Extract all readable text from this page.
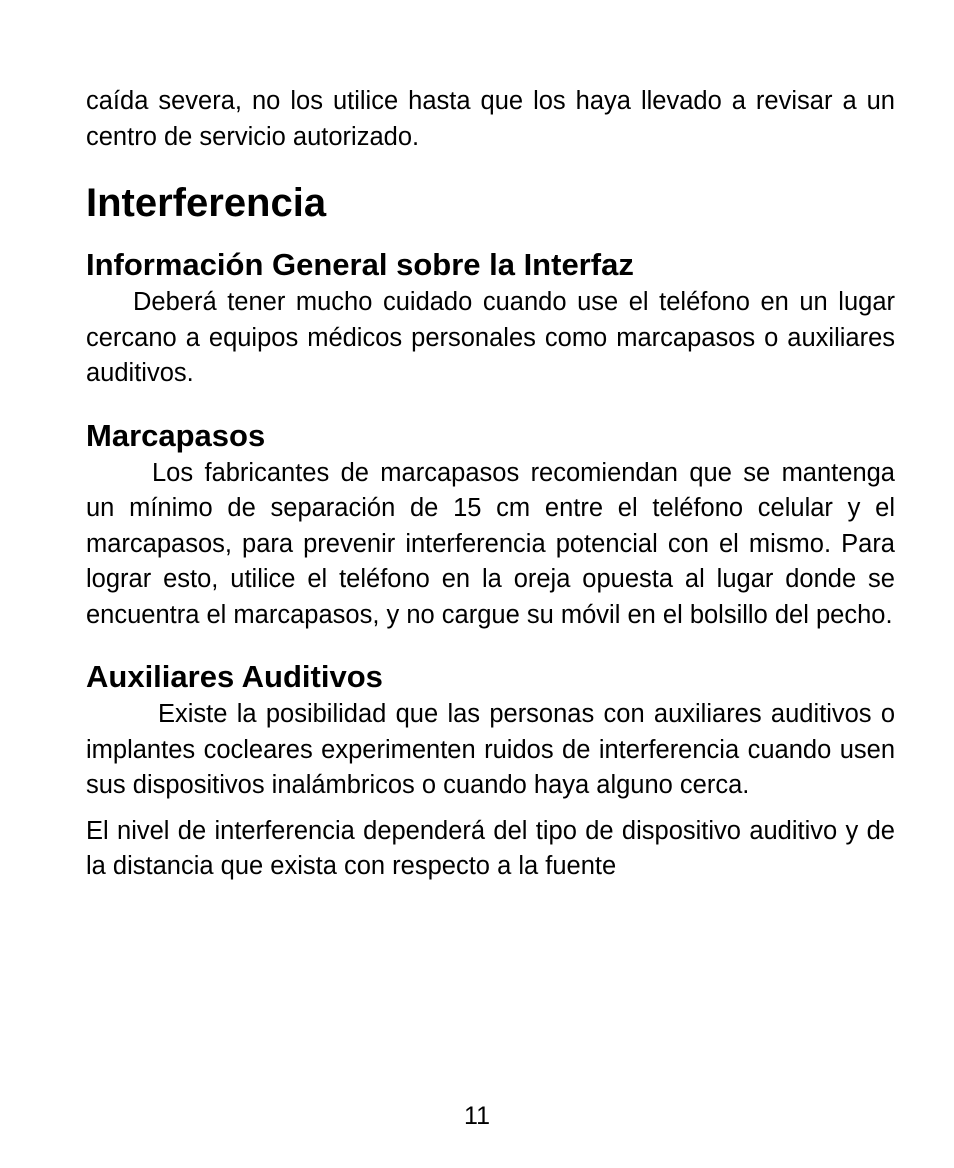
caída severa, no los utilice hasta que los haya llevado a revisar a un centro de servicio autorizado.

Interferencia
Información General sobre la Interfaz

Deberá tener mucho cuidado cuando use el teléfono en un lugar cercano a equipos médicos personales como marcapasos o auxiliares auditivos.

Marcapasos

Los fabricantes de marcapasos recomiendan que se mantenga un mínimo de separación de 15 cm entre el teléfono celular y el marcapasos, para prevenir interferencia potencial con el mismo. Para lograr esto, utilice el teléfono en la oreja opuesta al lugar donde se encuentra el marcapasos, y no cargue su móvil en el bolsillo del pecho.

Auxiliares Auditivos

Existe la posibilidad que las personas con auxiliares auditivos o implantes cocleares experimenten ruidos de interferencia cuando usen sus dispositivos inalámbricos o cuando haya alguno cerca.

El nivel de interferencia dependerá del tipo de dispositivo auditivo y de la distancia que exista con respecto a la fuente

11
